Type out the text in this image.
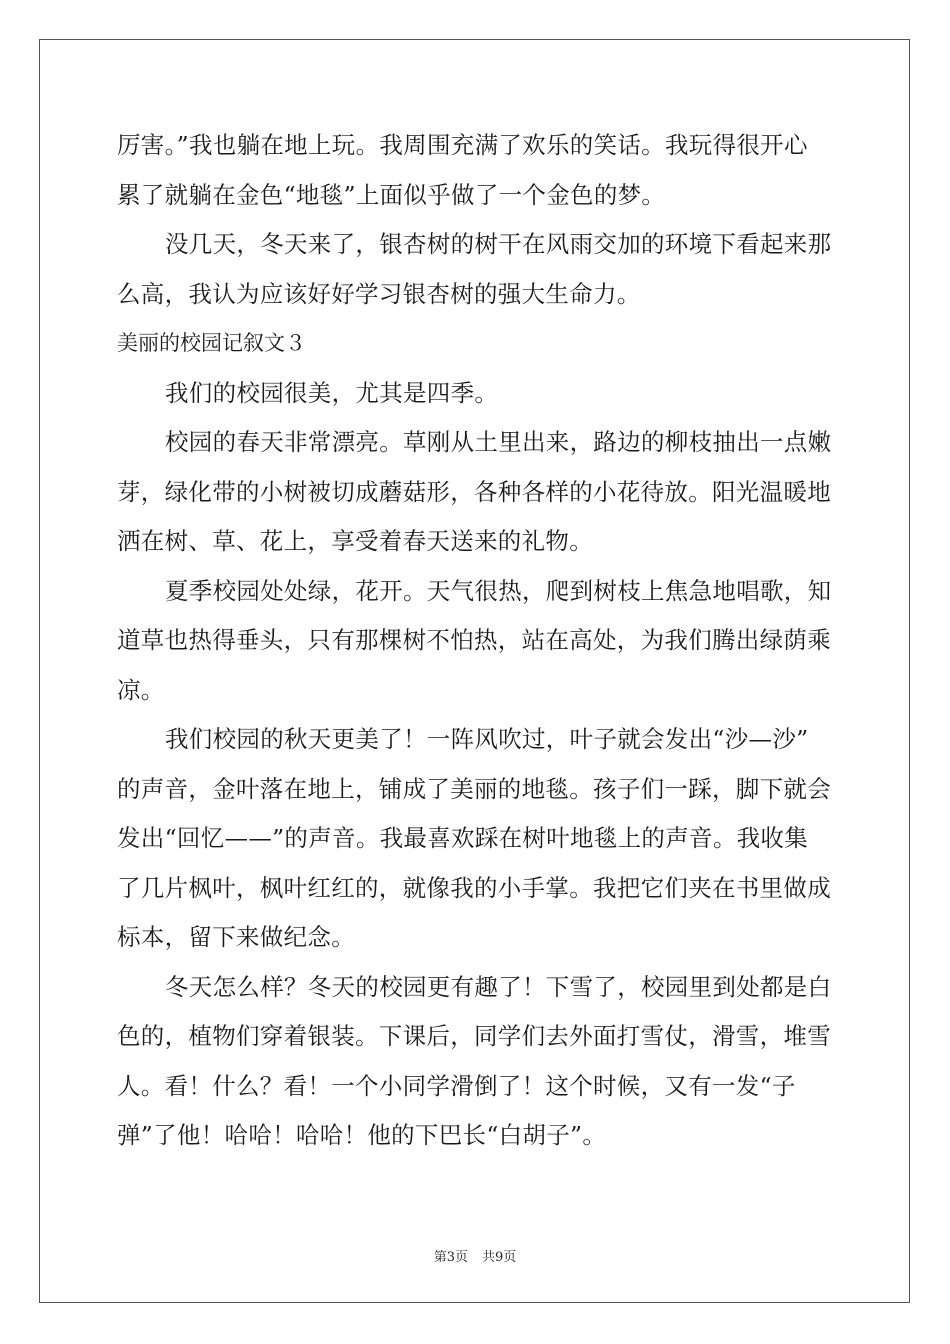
厉害。”我也躺在地上玩。我周围充满了欢乐的笑话。我玩得很开心
累了就躺在金色“地毯”上面似乎做了一个金色的梦。
没几天，冬天来了，银杏树的树干在风雨交加的环境下看起来那
么高，我认为应该好好学习银杏树的强大生命力。
美丽的校园记叙文３
我们的校园很美，尤其是四季。
校园的春天非常漂亮。草刚从土里出来，路边的柳枝抽出一点嫩
芽，绿化带的小树被切成蘑菇形，各种各样的小花待放。阳光温暖地
洒在树、草、花上，享受着春天送来的礼物。
夏季校园处处绿，花开。天气很热，爬到树枝上焦急地唱歌，知
道草也热得垂头，只有那棵树不怕热，站在高处，为我们腾出绿荫乘
凉。
我们校园的秋天更美了！一阵风吹过，叶子就会发出“沙—沙”
的声音，金叶落在地上，铺成了美丽的地毯。孩子们一踩，脚下就会
发出“回忆——”的声音。我最喜欢踩在树叶地毯上的声音。我收集
了几片枫叶，枫叶红红的，就像我的小手掌。我把它们夹在书里做成
标本，留下来做纪念。
冬天怎么样？冬天的校园更有趣了！下雪了，校园里到处都是白
色的，植物们穿着银装。下课后，同学们去外面打雪仗，滑雪，堆雪
人。看！什么？看！一个小同学滑倒了！这个时候，又有一发“子
弹”了他！哈哈！哈哈！他的下巴长“白胡子”。
第3页 共9页
